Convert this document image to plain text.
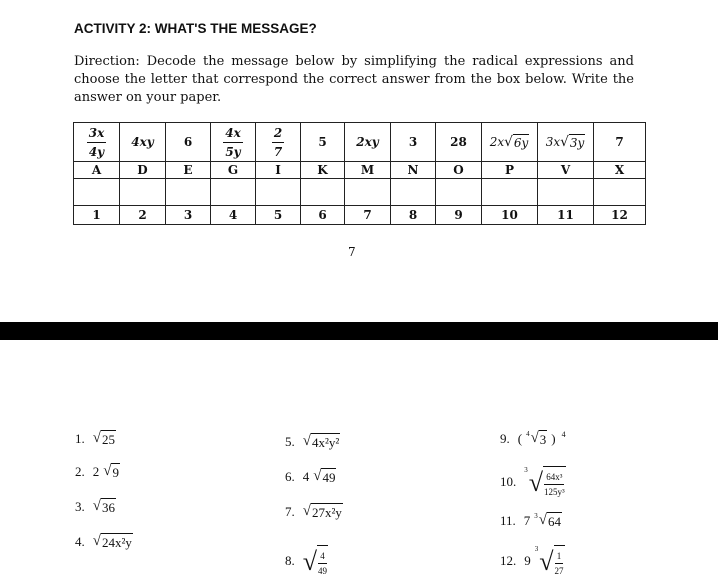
ACTIVITY 2: WHAT'S THE MESSAGE?
Direction: Decode the message below by simplifying the radical expressions and choose the letter that correspond the correct answer from the box below. Write the answer on your paper.
$\frac{3x}{4y}$	4xy	6	$\frac{4x}{5y}$	$\frac{2}{7}$	5	2xy	3	28	2x √ 6y	3x √ 3y	7
A	D	E	G	I	K	M	N	O	P	V	X

1	2	3	4	5	6	7	8	9	10	11	12
7
1. √ 25
2. 2 √ 9
3. √ 36
4. √ 24x²y
5. √ 4x²y²
6. 4 √ 49
7. √ 27x²y
8. √ $\frac{4}{49}$
9. ( 4 √ 3 ) 4
10.
3 √ $\frac{\text{64x³}}{\text{125y³}}$
11. 7 3 √ 64
12. 9
3 √ $\frac{1}{27}$
